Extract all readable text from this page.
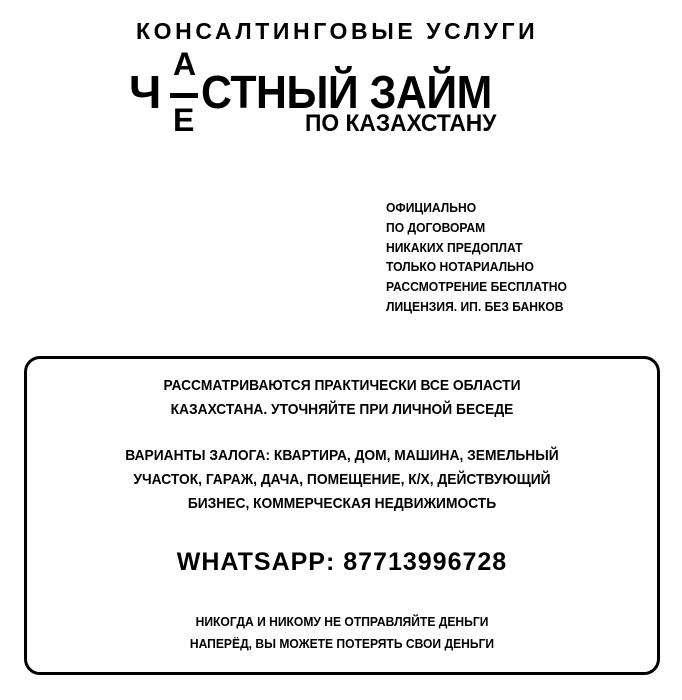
КОНСАЛТИНГОВЫЕ УСЛУГИ
Ч
А
Е
СТНЫЙ ЗАЙМ
ПО КАЗАХСТАНУ
ОФИЦИАЛЬНО
ПО ДОГОВОРАМ
НИКАКИХ ПРЕДОПЛАТ
ТОЛЬКО НОТАРИАЛЬНО
РАССМОТРЕНИЕ БЕСПЛАТНО
ЛИЦЕНЗИЯ. ИП. БЕЗ БАНКОВ
РАССМАТРИВАЮТСЯ ПРАКТИЧЕСКИ ВСЕ ОБЛАСТИ
КАЗАХСТАНА. УТОЧНЯЙТЕ ПРИ ЛИЧНОЙ БЕСЕДЕ
ВАРИАНТЫ ЗАЛОГА: КВАРТИРА, ДОМ, МАШИНА, ЗЕМЕЛЬНЫЙ
УЧАСТОК, ГАРАЖ, ДАЧА, ПОМЕЩЕНИЕ, К/Х, ДЕЙСТВУЮЩИЙ
БИЗНЕС, КОММЕРЧЕСКАЯ НЕДВИЖИМОСТЬ
WHATSAPP: 87713996728
НИКОГДА И НИКОМУ НЕ ОТПРАВЛЯЙТЕ ДЕНЬГИ
НАПЕРЁД, ВЫ МОЖЕТЕ ПОТЕРЯТЬ СВОИ ДЕНЬГИ
